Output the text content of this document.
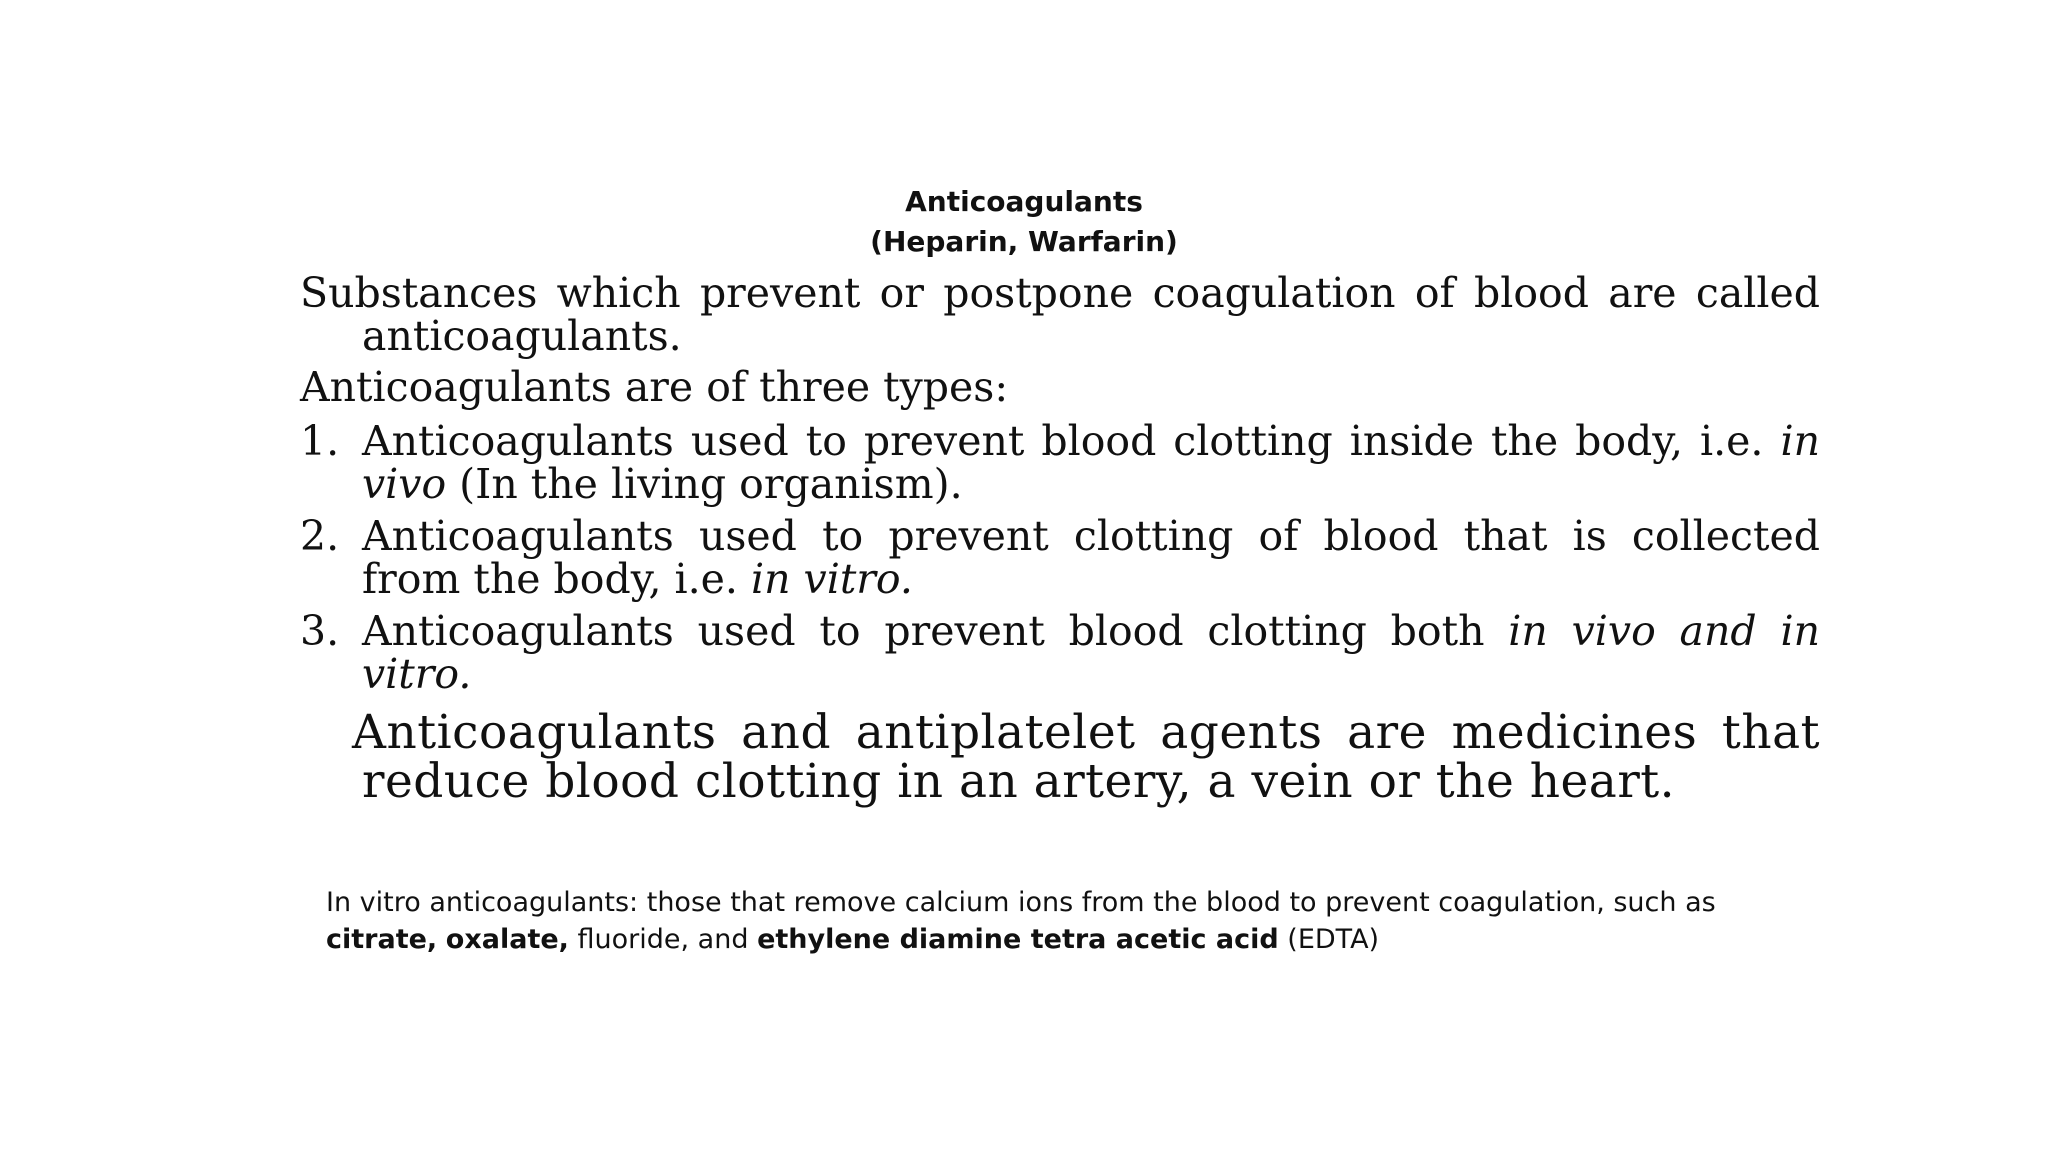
Anticoagulants
(Heparin, Warfarin)
Substances which prevent or postpone coagulation of blood are called anticoagulants.
Anticoagulants are of three types:
1. Anticoagulants used to prevent blood clotting inside the body, i.e. in vivo (In the living organism).
2. Anticoagulants used to prevent clotting of blood that is collected from the body, i.e. in vitro.
3. Anticoagulants used to prevent blood clotting both in vivo and in vitro.
Anticoagulants and antiplatelet agents are medicines that reduce blood clotting in an artery, a vein or the heart.
In vitro anticoagulants: those that remove calcium ions from the blood to prevent coagulation, such as citrate, oxalate, fluoride, and ethylene diamine tetra acetic acid (EDTA)
